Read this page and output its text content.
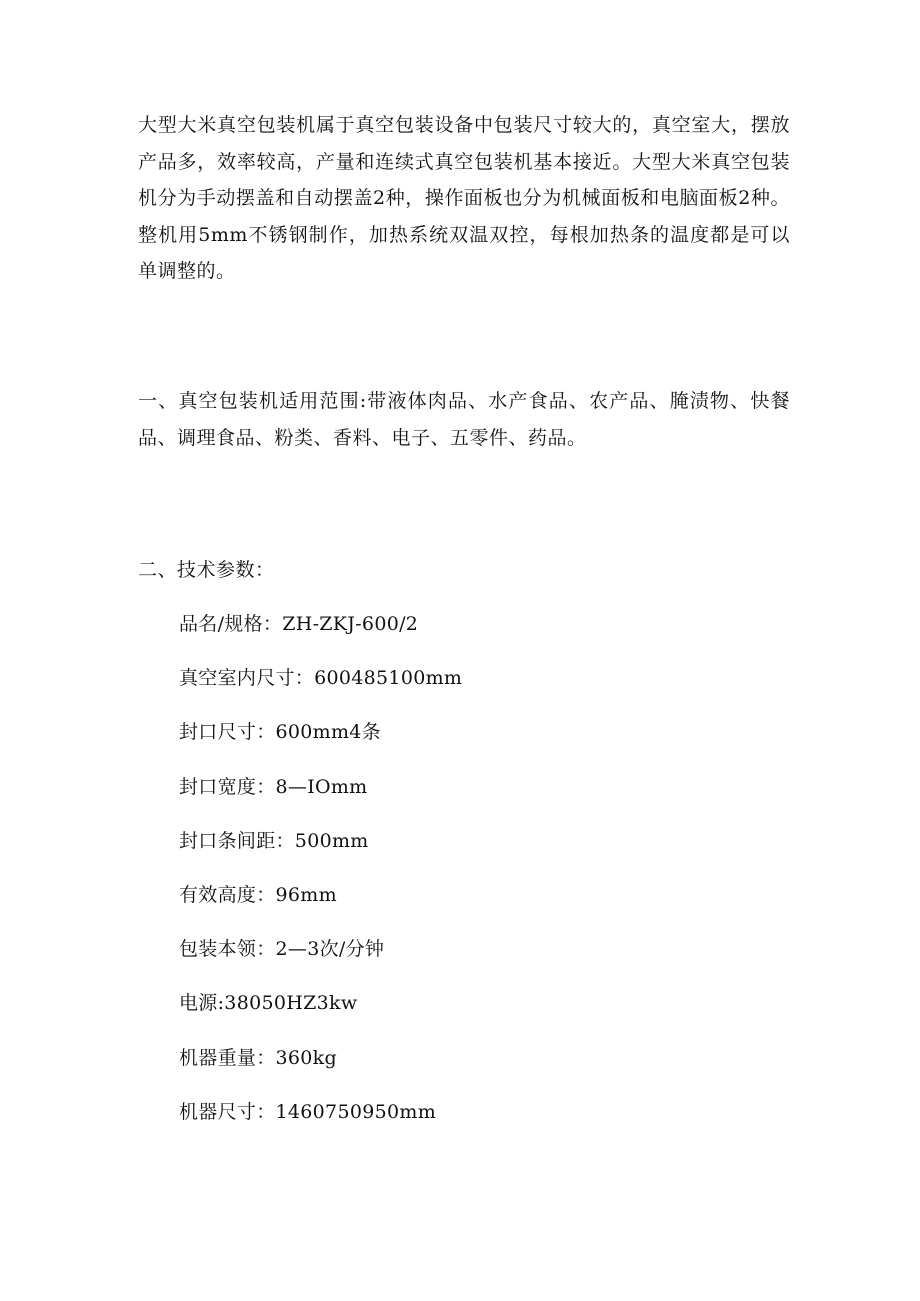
大型大米真空包装机属于真空包装设备中包装尺寸较大的，真空室大，摆放产品多，效率较高，产量和连续式真空包装机基本接近。大型大米真空包装机分为手动摆盖和自动摆盖2种，操作面板也分为机械面板和电脑面板2种。整机用5mm不锈钢制作，加热系统双温双控，每根加热条的温度都是可以单调整的。

一、真空包装机适用范围:带液体肉品、水产食品、农产品、腌渍物、快餐品、调理食品、粉类、香料、电子、五零件、药品。

二、技术参数：

品名/规格：ZH-ZKJ-600/2
真空室内尺寸：600485100mm
封口尺寸：600mm4条
封口宽度：8—IOmm
封口条间距：500mm
有效高度：96mm
包装本领：2—3次/分钟
电源:38050HZ3kw
机器重量：360kg
机器尺寸：1460750950mm
